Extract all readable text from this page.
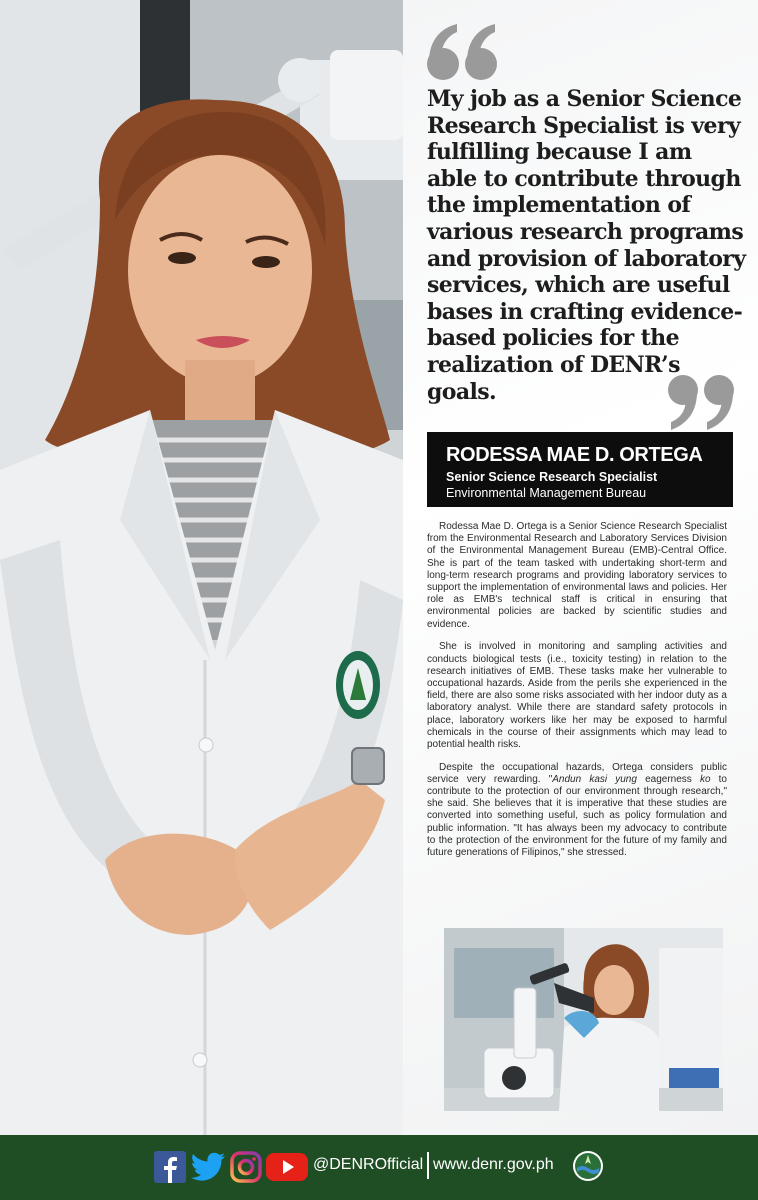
My job as a Senior Science Research Specialist is very fulfilling because I am able to contribute through the implementation of various research programs and provision of laboratory services, which are useful bases in crafting evidence-based policies for the realization of DENR’s goals.

RODESSA MAE D. ORTEGA
Senior Science Research Specialist
Environmental Management Bureau

Rodessa Mae D. Ortega is a Senior Science Research Specialist from the Environmental Research and Laboratory Services Division of the Environmental Management Bureau (EMB)-Central Office. She is part of the team tasked with undertaking short-term and long-term research programs and providing laboratory services to support the implementation of environmental laws and policies. Her role as EMB's technical staff is critical in ensuring that environmental policies are backed by scientific studies and evidence.

She is involved in monitoring and sampling activities and conducts biological tests (i.e., toxicity testing) in relation to the research initiatives of EMB. These tasks make her vulnerable to occupational hazards. Aside from the perils she experienced in the field, there are also some risks associated with her indoor duty as a laboratory analyst. While there are standard safety protocols in place, laboratory workers like her may be exposed to harmful chemicals in the course of their assignments which may lead to potential health risks.

Despite the occupational hazards, Ortega considers public service very rewarding. "Andun kasi yung eagerness ko to contribute to the protection of our environment through research," she said. She believes that it is imperative that these studies are converted into something useful, such as policy formulation and public information. "It has always been my advocacy to contribute to the protection of the environment for the future of my family and future generations of Filipinos," she stressed.

@DENROfficial www.denr.gov.ph
